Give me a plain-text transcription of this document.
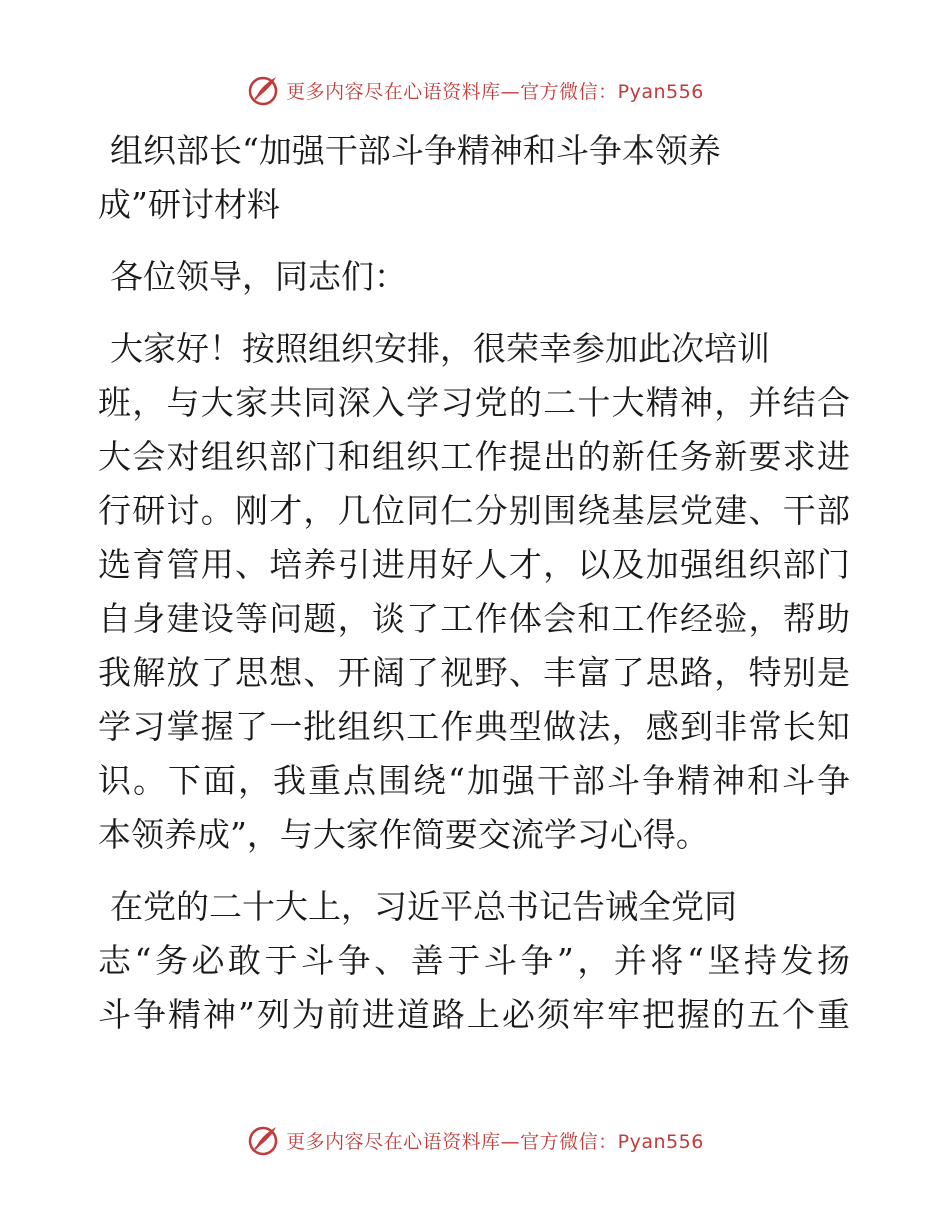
更多内容尽在心语资料库—官方微信：Pyan556
组织部长“加强干部斗争精神和斗争本领养
成”研讨材料
各位领导，同志们：
大家好！按照组织安排，很荣幸参加此次培训
班，与大家共同深入学习党的二十大精神，并结合
大会对组织部门和组织工作提出的新任务新要求进
行研讨。刚才，几位同仁分别围绕基层党建、干部
选育管用、培养引进用好人才，以及加强组织部门
自身建设等问题，谈了工作体会和工作经验，帮助
我解放了思想、开阔了视野、丰富了思路，特别是
学习掌握了一批组织工作典型做法，感到非常长知
识。下面，我重点围绕“加强干部斗争精神和斗争
本领养成”，与大家作简要交流学习心得。
在党的二十大上，习近平总书记告诫全党同
志“务必敢于斗争、善于斗争”，并将“坚持发扬
斗争精神”列为前进道路上必须牢牢把握的五个重
更多内容尽在心语资料库—官方微信：Pyan556
